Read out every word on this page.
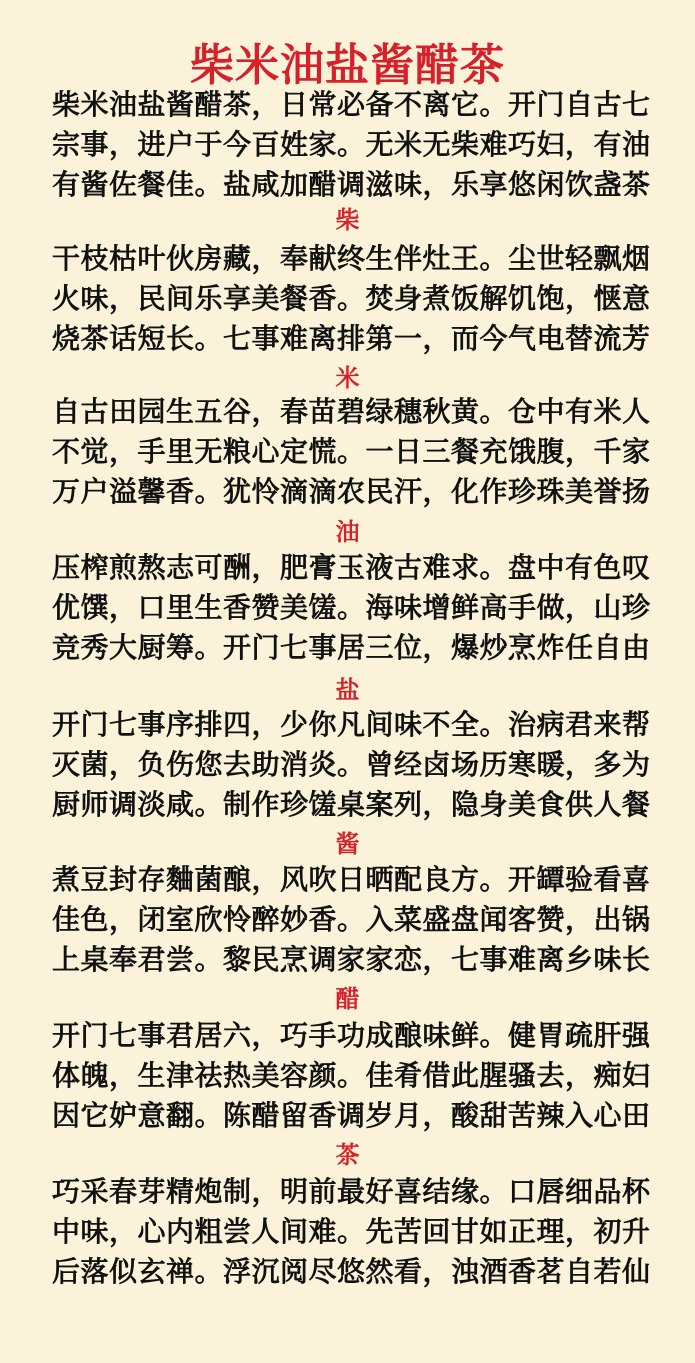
柴米油盐酱醋茶
柴米油盐酱醋茶，日常必备不离它。开门自古七
宗事，进户于今百姓家。无米无柴难巧妇，有油
有酱佐餐佳。盐咸加醋调滋味，乐享悠闲饮盏茶
柴
干枝枯叶伙房藏，奉献终生伴灶王。尘世轻飘烟
火味，民间乐享美餐香。焚身煮饭解饥饱，惬意
烧茶话短长。七事难离排第一，而今气电替流芳
米
自古田园生五谷，春苗碧绿穗秋黄。仓中有米人
不觉，手里无粮心定慌。一日三餐充饿腹，千家
万户溢馨香。犹怜滴滴农民汗，化作珍珠美誉扬
油
压榨煎熬志可酬，肥膏玉液古难求。盘中有色叹
优馔，口里生香赞美馐。海味增鲜高手做，山珍
竞秀大厨筹。开门七事居三位，爆炒烹炸任自由
盐
开门七事序排四，少你凡间味不全。治病君来帮
灭菌，负伤您去助消炎。曾经卤场历寒暖，多为
厨师调淡咸。制作珍馐桌案列，隐身美食供人餐
酱
煮豆封存麯菌酿，风吹日晒配良方。开罈验看喜
佳色，闭室欣怜醉妙香。入菜盛盘闻客赞，出锅
上桌奉君尝。黎民烹调家家恋，七事难离乡味长
醋
开门七事君居六，巧手功成酿味鲜。健胃疏肝强
体魄，生津祛热美容颜。佳肴借此腥骚去，痴妇
因它妒意翻。陈醋留香调岁月，酸甜苦辣入心田
茶
巧采春芽精炮制，明前最好喜结缘。口唇细品杯
中味，心内粗尝人间难。先苦回甘如正理，初升
后落似玄禅。浮沉阅尽悠然看，浊酒香茗自若仙
